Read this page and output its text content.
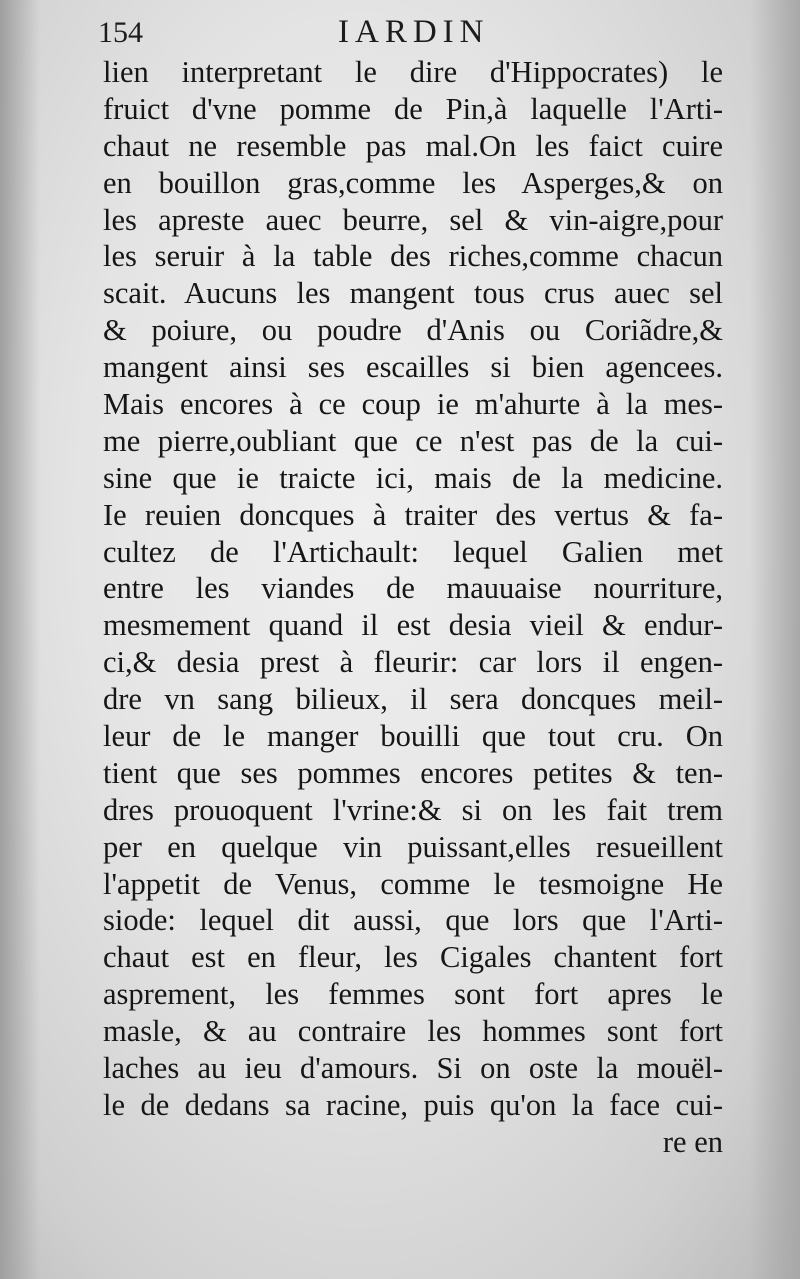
154	IARDIN
lien interpretant le dire d'Hippocrates) le
fruict d'vne pomme de Pin,à laquelle l'Arti-
chaut ne resemble pas mal.On les faict cuire
en bouillon gras,comme les Asperges,& on
les apreste auec beurre, sel & vin-aigre,pour
les seruir à la table des riches,comme chacun
scait. Aucuns les mangent tous crus auec sel
& poiure, ou poudre d'Anis ou Coriãdre,&
mangent ainsi ses escailles si bien agencees.
Mais encores à ce coup ie m'ahurte à la mes-
me pierre,oubliant que ce n'est pas de la cui-
sine que ie traicte ici, mais de la medicine.
Ie reuien doncques à traiter des vertus & fa-
cultez de l'Artichault: lequel Galien met
entre les viandes de mauuaise nourriture,
mesmement quand il est desia vieil & endur-
ci,& desia prest à fleurir: car lors il engen-
dre vn sang bilieux, il sera doncques meil-
leur de le manger bouilli que tout cru. On
tient que ses pommes encores petites & ten-
dres prouoquent l'vrine:& si on les fait trem
per en quelque vin puissant,elles resueillent
l'appetit de Venus, comme le tesmoigne He
siode: lequel dit aussi, que lors que l'Arti-
chaut est en fleur, les Cigales chantent fort
asprement, les femmes sont fort apres le
masle, & au contraire les hommes sont fort
laches au ieu d'amours. Si on oste la mouël-
le de dedans sa racine, puis qu'on la face cui-
re en
